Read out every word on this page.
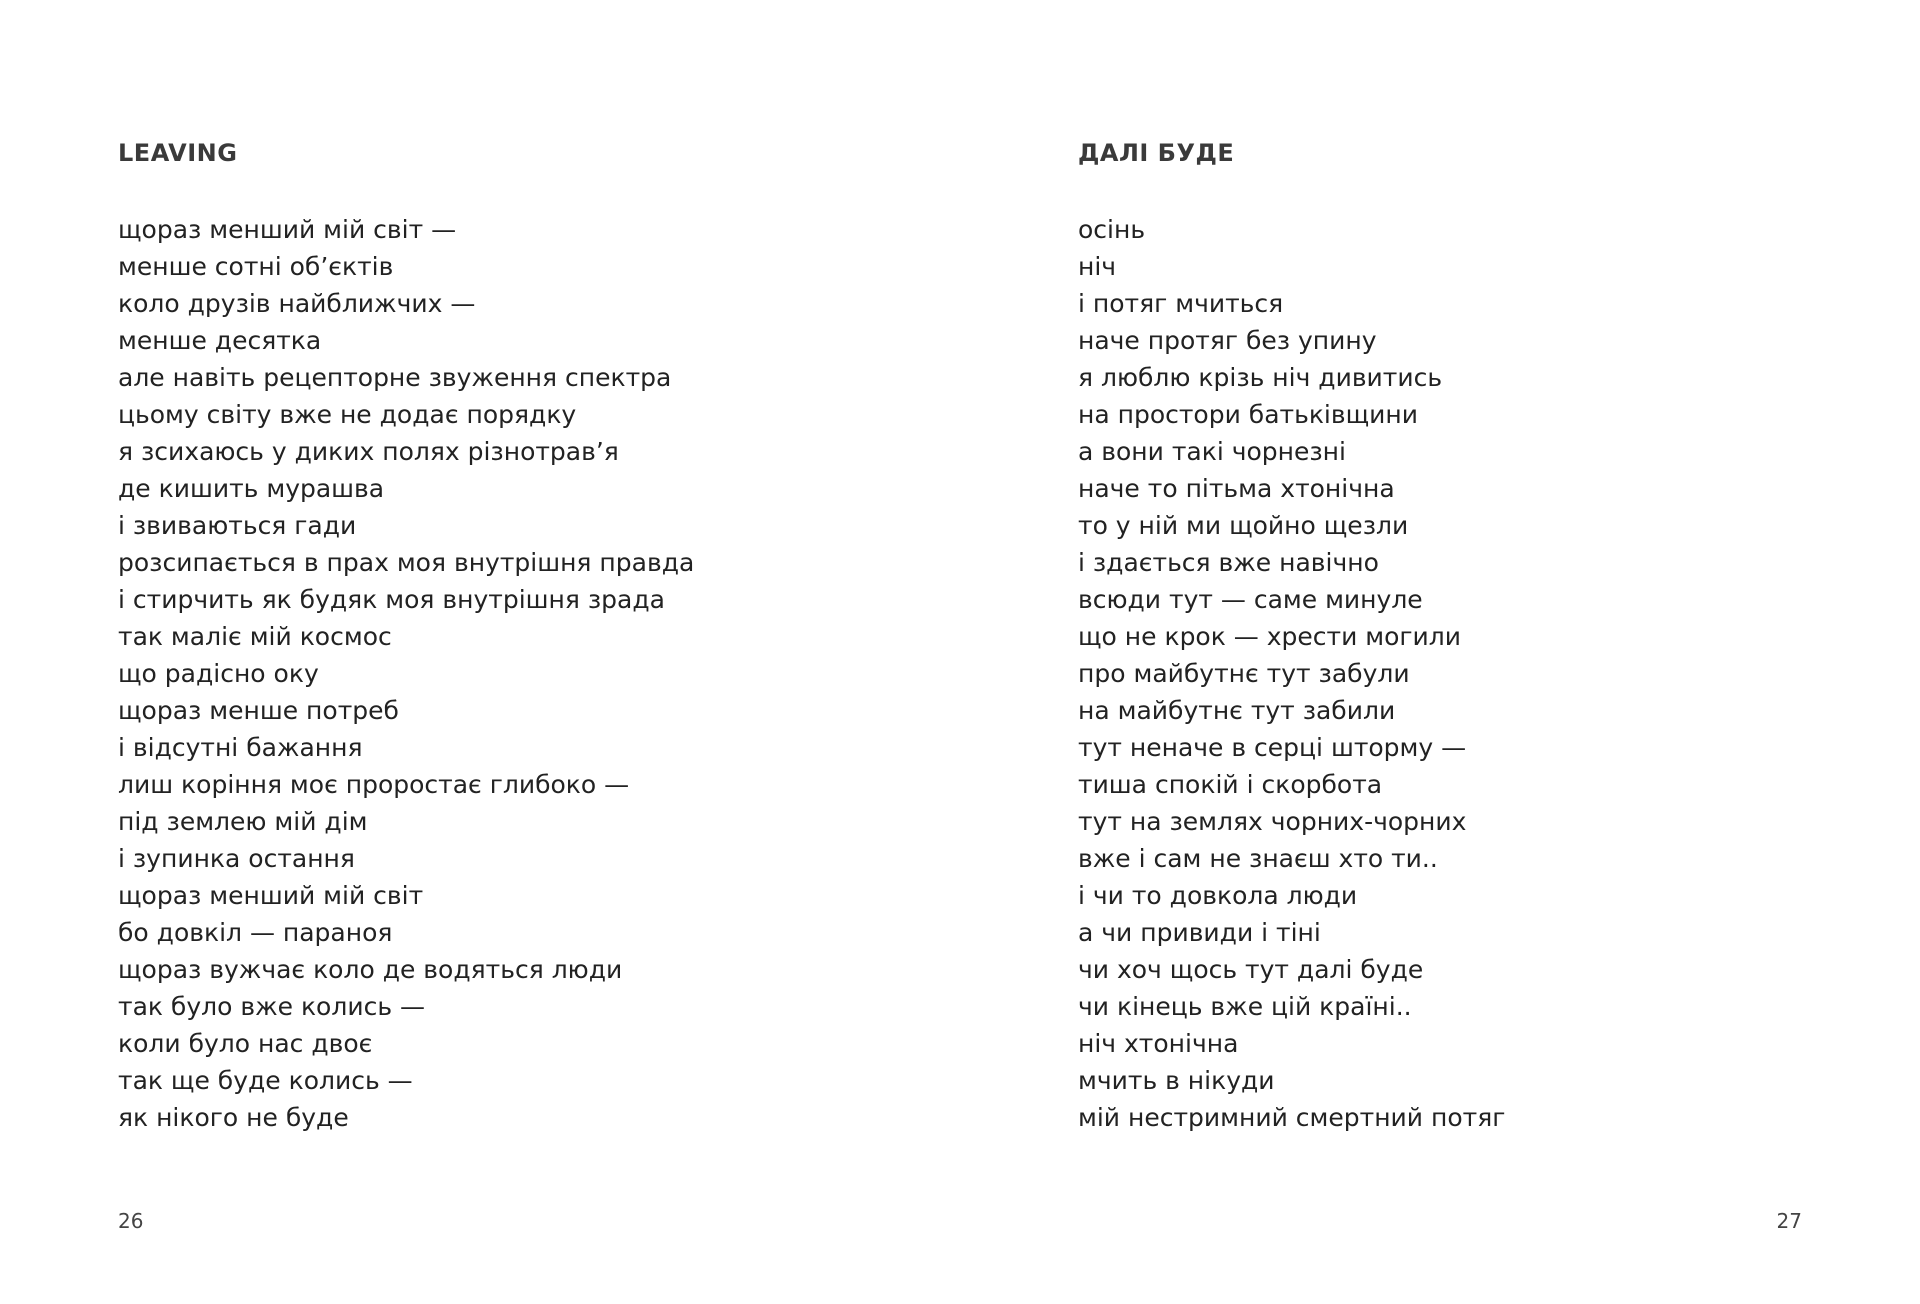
LEAVING
щораз менший мій світ —
менше сотні об’єктів
коло друзів найближчих —
менше десятка
але навіть рецепторне звуження спектра
цьому світу вже не додає порядку
я зсихаюсь у диких полях різнотрав’я
де кишить мурашва
і звиваються гади
розсипається в прах моя внутрішня правда
і стирчить як будяк моя внутрішня зрада
так маліє мій космос
що радісно оку
щораз менше потреб
і відсутні бажання
лиш коріння моє проростає глибоко —
під землею мій дім
і зупинка остання
щораз менший мій світ
бо довкіл — параноя
щораз вужчає коло де водяться люди
так було вже колись —
коли було нас двоє
так ще буде колись —
як нікого не буде
26
ДАЛІ БУДЕ
осінь
ніч
і потяг мчиться
наче протяг без упину
я люблю крізь ніч дивитись
на простори батьківщини
а вони такі чорнезні
наче то пітьма хтонічна
то у ній ми щойно щезли
і здається вже навічно
всюди тут — саме минуле
що не крок — хрести могили
про майбутнє тут забули
на майбутнє тут забили
тут неначе в серці шторму —
тиша спокій і скорбота
тут на землях чорних-чорних
вже і сам не знаєш хто ти..
і чи то довкола люди
а чи привиди і тіні
чи хоч щось тут далі буде
чи кінець вже цій країні..
ніч хтонічна
мчить в нікуди
мій нестримний смертний потяг
27
